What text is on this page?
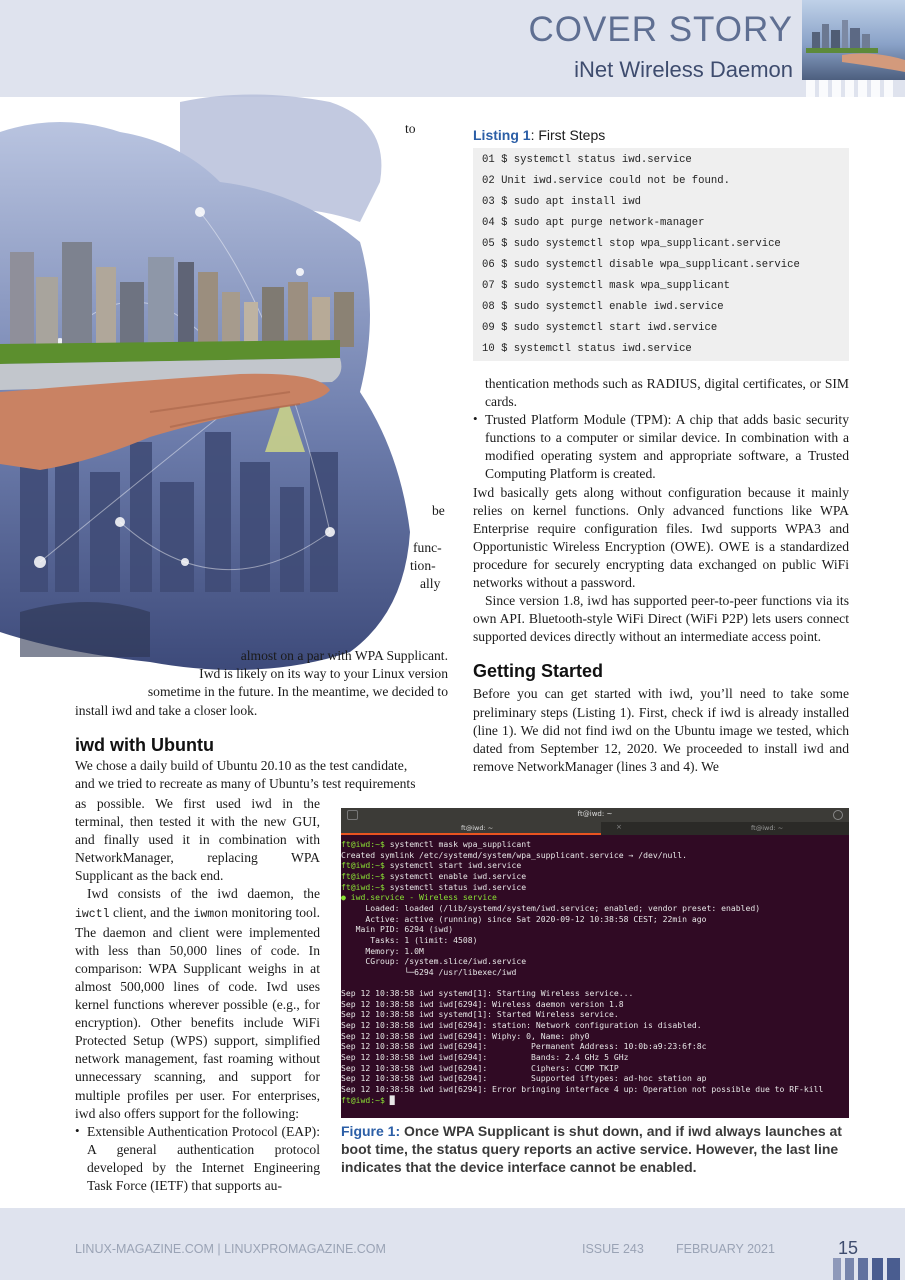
COVER STORY
iNet Wireless Daemon
to
be
func-
tion-
ally
almost on a par with WPA Supplicant.
Iwd is likely on its way to your Linux version
sometime in the future. In the meantime, we decided to
install iwd and take a closer look.
iwd with Ubuntu
We chose a daily build of Ubuntu 20.10 as the test candidate,
and we tried to recreate as many of Ubuntu’s test requirements

as possible. We first used iwd in the terminal, then tested it with the new GUI, and finally used it in combination with NetworkManager, replacing WPA Supplicant as the back end.

Iwd consists of the iwd daemon, the iwctl client, and the iwmon monitoring tool. The daemon and client were implemented with less than 50,000 lines of code. In comparison: WPA Supplicant weighs in at almost 500,000 lines of code. Iwd uses kernel functions wherever possible (e.g., for encryption). Other benefits include WiFi Protected Setup (WPS) support, simplified network management, fast roaming without unnecessary scanning, and support for multiple profiles per user. For enterprises, iwd also offers support for the following:

• Extensible Authentication Protocol (EAP): A general authentication protocol developed by the Internet Engineering Task Force (IETF) that supports au-

Listing 1: First Steps
01 $ systemctl status iwd.service
02 Unit iwd.service could not be found.
03 $ sudo apt install iwd
04 $ sudo apt purge network-manager
05 $ sudo systemctl stop wpa_supplicant.service
06 $ sudo systemctl disable wpa_supplicant.service
07 $ sudo systemctl mask wpa_supplicant
08 $ sudo systemctl enable iwd.service
09 $ sudo systemctl start iwd.service
10 $ systemctl status iwd.service

thentication methods such as RADIUS, digital certificates, or SIM cards.

• Trusted Platform Module (TPM): A chip that adds basic security functions to a computer or similar device. In combination with a modified operating system and appropriate software, a Trusted Computing Platform is created.

Iwd basically gets along without configuration because it mainly relies on kernel functions. Only advanced functions like WPA Enterprise require configuration files. Iwd supports WPA3 and Opportunistic Wireless Encryption (OWE). OWE is a standardized procedure for securely encrypting data exchanged on public WiFi networks without a password.

Since version 1.8, iwd has supported peer-to-peer functions via its own API. Bluetooth-style WiFi Direct (WiFi P2P) lets users connect supported devices directly without an intermediate access point.

Getting Started

Before you can get started with iwd, you’ll need to take some preliminary steps (Listing 1). First, check if iwd is already installed (line 1). We did not find iwd on the Ubuntu image we tested, which dated from September 12, 2020. We proceeded to install iwd and remove NetworkManager (lines 3 and 4). We

ft@iwd: ~
ft@iwd: ~	×	ft@iwd: ~
ft@iwd:~$ systemctl mask wpa_supplicant
Created symlink /etc/systemd/system/wpa_supplicant.service → /dev/null.
ft@iwd:~$ systemctl start iwd.service
ft@iwd:~$ systemctl enable iwd.service
ft@iwd:~$ systemctl status iwd.service
● iwd.service - Wireless service
Loaded: loaded (/lib/systemd/system/iwd.service; enabled; vendor preset: enabled)
Active: active (running) since Sat 2020-09-12 10:38:58 CEST; 22min ago
Main PID: 6294 (iwd)
Tasks: 1 (limit: 4508)
Memory: 1.0M
CGroup: /system.slice/iwd.service
└─6294 /usr/libexec/iwd
Sep 12 10:38:58 iwd systemd[1]: Starting Wireless service...
Sep 12 10:38:58 iwd iwd[6294]: Wireless daemon version 1.8
Sep 12 10:38:58 iwd systemd[1]: Started Wireless service.
Sep 12 10:38:58 iwd iwd[6294]: station: Network configuration is disabled.
Sep 12 10:38:58 iwd iwd[6294]: Wiphy: 0, Name: phy0
Sep 12 10:38:58 iwd iwd[6294]:         Permanent Address: 10:0b:a9:23:6f:8c
Sep 12 10:38:58 iwd iwd[6294]:         Bands: 2.4 GHz 5 GHz
Sep 12 10:38:58 iwd iwd[6294]:         Ciphers: CCMP TKIP
Sep 12 10:38:58 iwd iwd[6294]:         Supported iftypes: ad-hoc station ap
Sep 12 10:38:58 iwd iwd[6294]: Error bringing interface 4 up: Operation not possible due to RF-kill
ft@iwd:~$ █
Figure 1: Once WPA Supplicant is shut down, and if iwd always launches at boot time, the status query reports an active service. However, the last line indicates that the device interface cannot be enabled.
LINUX-MAGAZINE.COM | LINUXPROMAGAZINE.COM	ISSUE 243	FEBRUARY 2021	15
